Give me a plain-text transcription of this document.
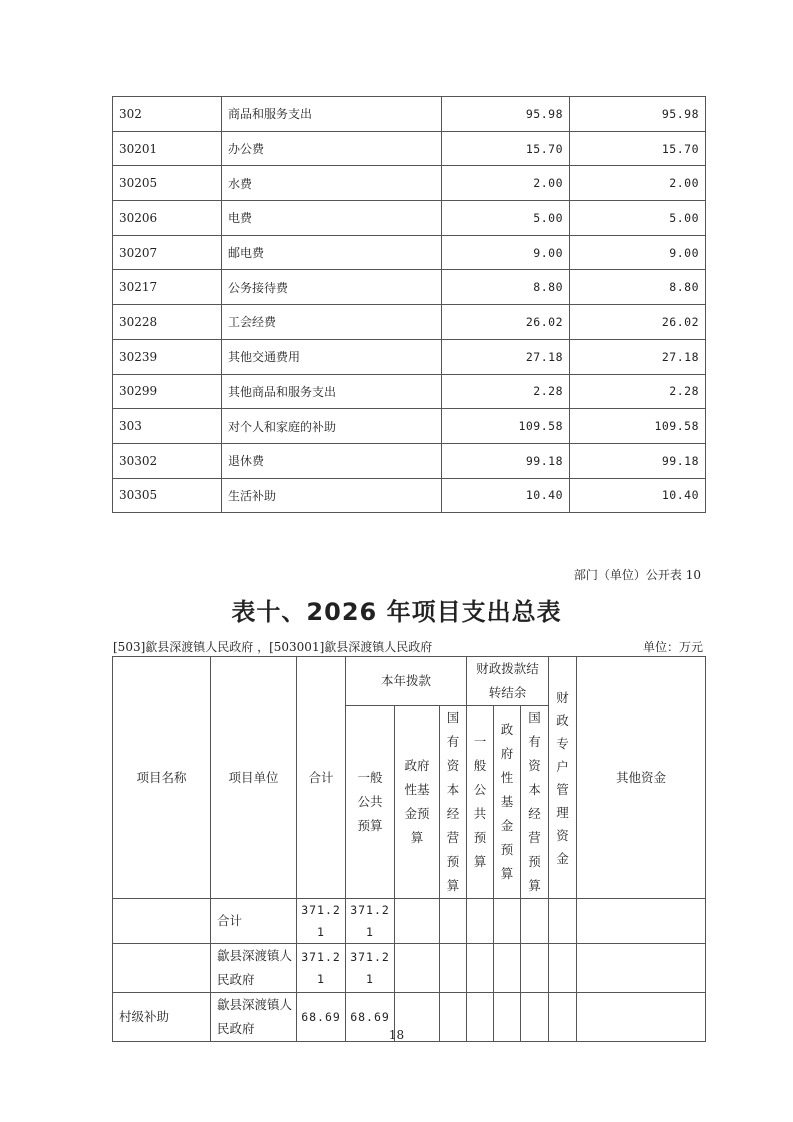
302	商品和服务支出	95.98	95.98
30201	办公费	15.70	15.70
30205	水费	2.00	2.00
30206	电费	5.00	5.00
30207	邮电费	9.00	9.00
30217	公务接待费	8.80	8.80
30228	工会经费	26.02	26.02
30239	其他交通费用	27.18	27.18
30299	其他商品和服务支出	2.28	2.28
303	对个人和家庭的补助	109.58	109.58
30302	退休费	99.18	99.18
30305	生活补助	10.40	10.40
部门（单位）公开表 10
表十、2026 年项目支出总表
[503]歙县深渡镇人民政府 ，[503001]歙县深渡镇人民政府	单位：万元
项目名称	项目单位	合计	本年拨款			财政拨款结转结余			财政专户管理资金	其他资金
			一般公共预算	政府性基金预算	国有资本经营预算	一般公共预算	政府性基金预算	国有资本经营预算		
	合计	371.21	371.21							
	歙县深渡镇人民政府	371.21	371.21							
村级补助	歙县深渡镇人民政府	68.69	68.69							
18
